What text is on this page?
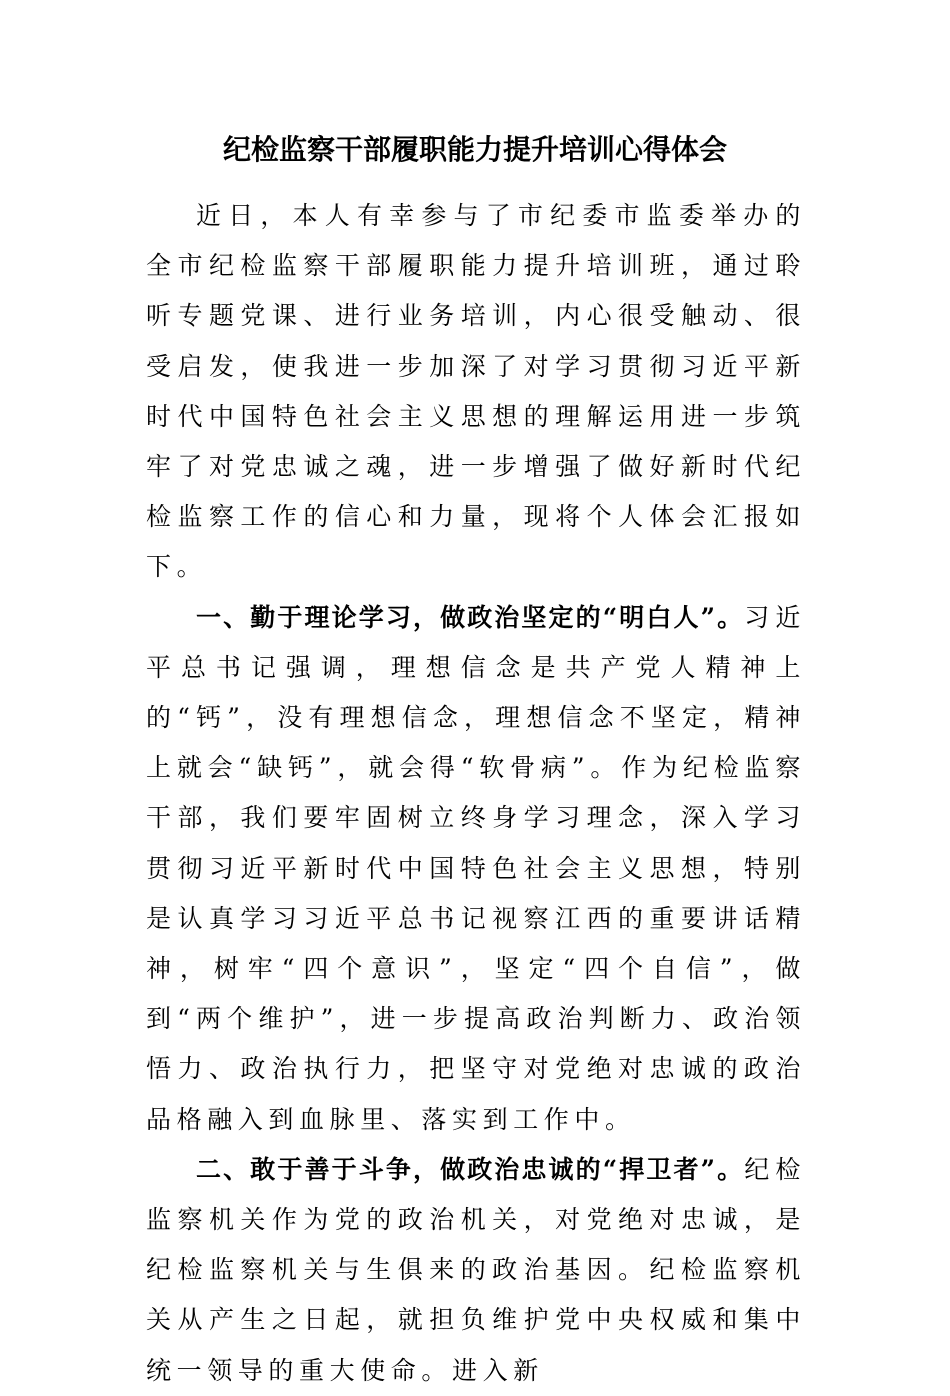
纪检监察干部履职能力提升培训心得体会

近日，本人有幸参与了市纪委市监委举办的全市纪检监察干部履职能力提升培训班，通过聆听专题党课、进行业务培训，内心很受触动、很受启发，使我进一步加深了对学习贯彻习近平新时代中国特色社会主义思想的理解运用进一步筑牢了对党忠诚之魂，进一步增强了做好新时代纪检监察工作的信心和力量，现将个人体会汇报如下。

一、勤于理论学习，做政治坚定的“明白人”。习近平总书记强调，理想信念是共产党人精神上的“钙”，没有理想信念，理想信念不坚定，精神上就会“缺钙”，就会得“软骨病”。作为纪检监察干部，我们要牢固树立终身学习理念，深入学习贯彻习近平新时代中国特色社会主义思想，特别是认真学习习近平总书记视察江西的重要讲话精神，树牢“四个意识”，坚定“四个自信”，做到“两个维护”，进一步提高政治判断力、政治领悟力、政治执行力，把坚守对党绝对忠诚的政治品格融入到血脉里、落实到工作中。

二、敢于善于斗争，做政治忠诚的“捍卫者”。纪检监察机关作为党的政治机关，对党绝对忠诚，是纪检监察机关与生俱来的政治基因。纪检监察机关从产生之日起，就担负维护党中央权威和集中统一领导的重大使命。进入新
